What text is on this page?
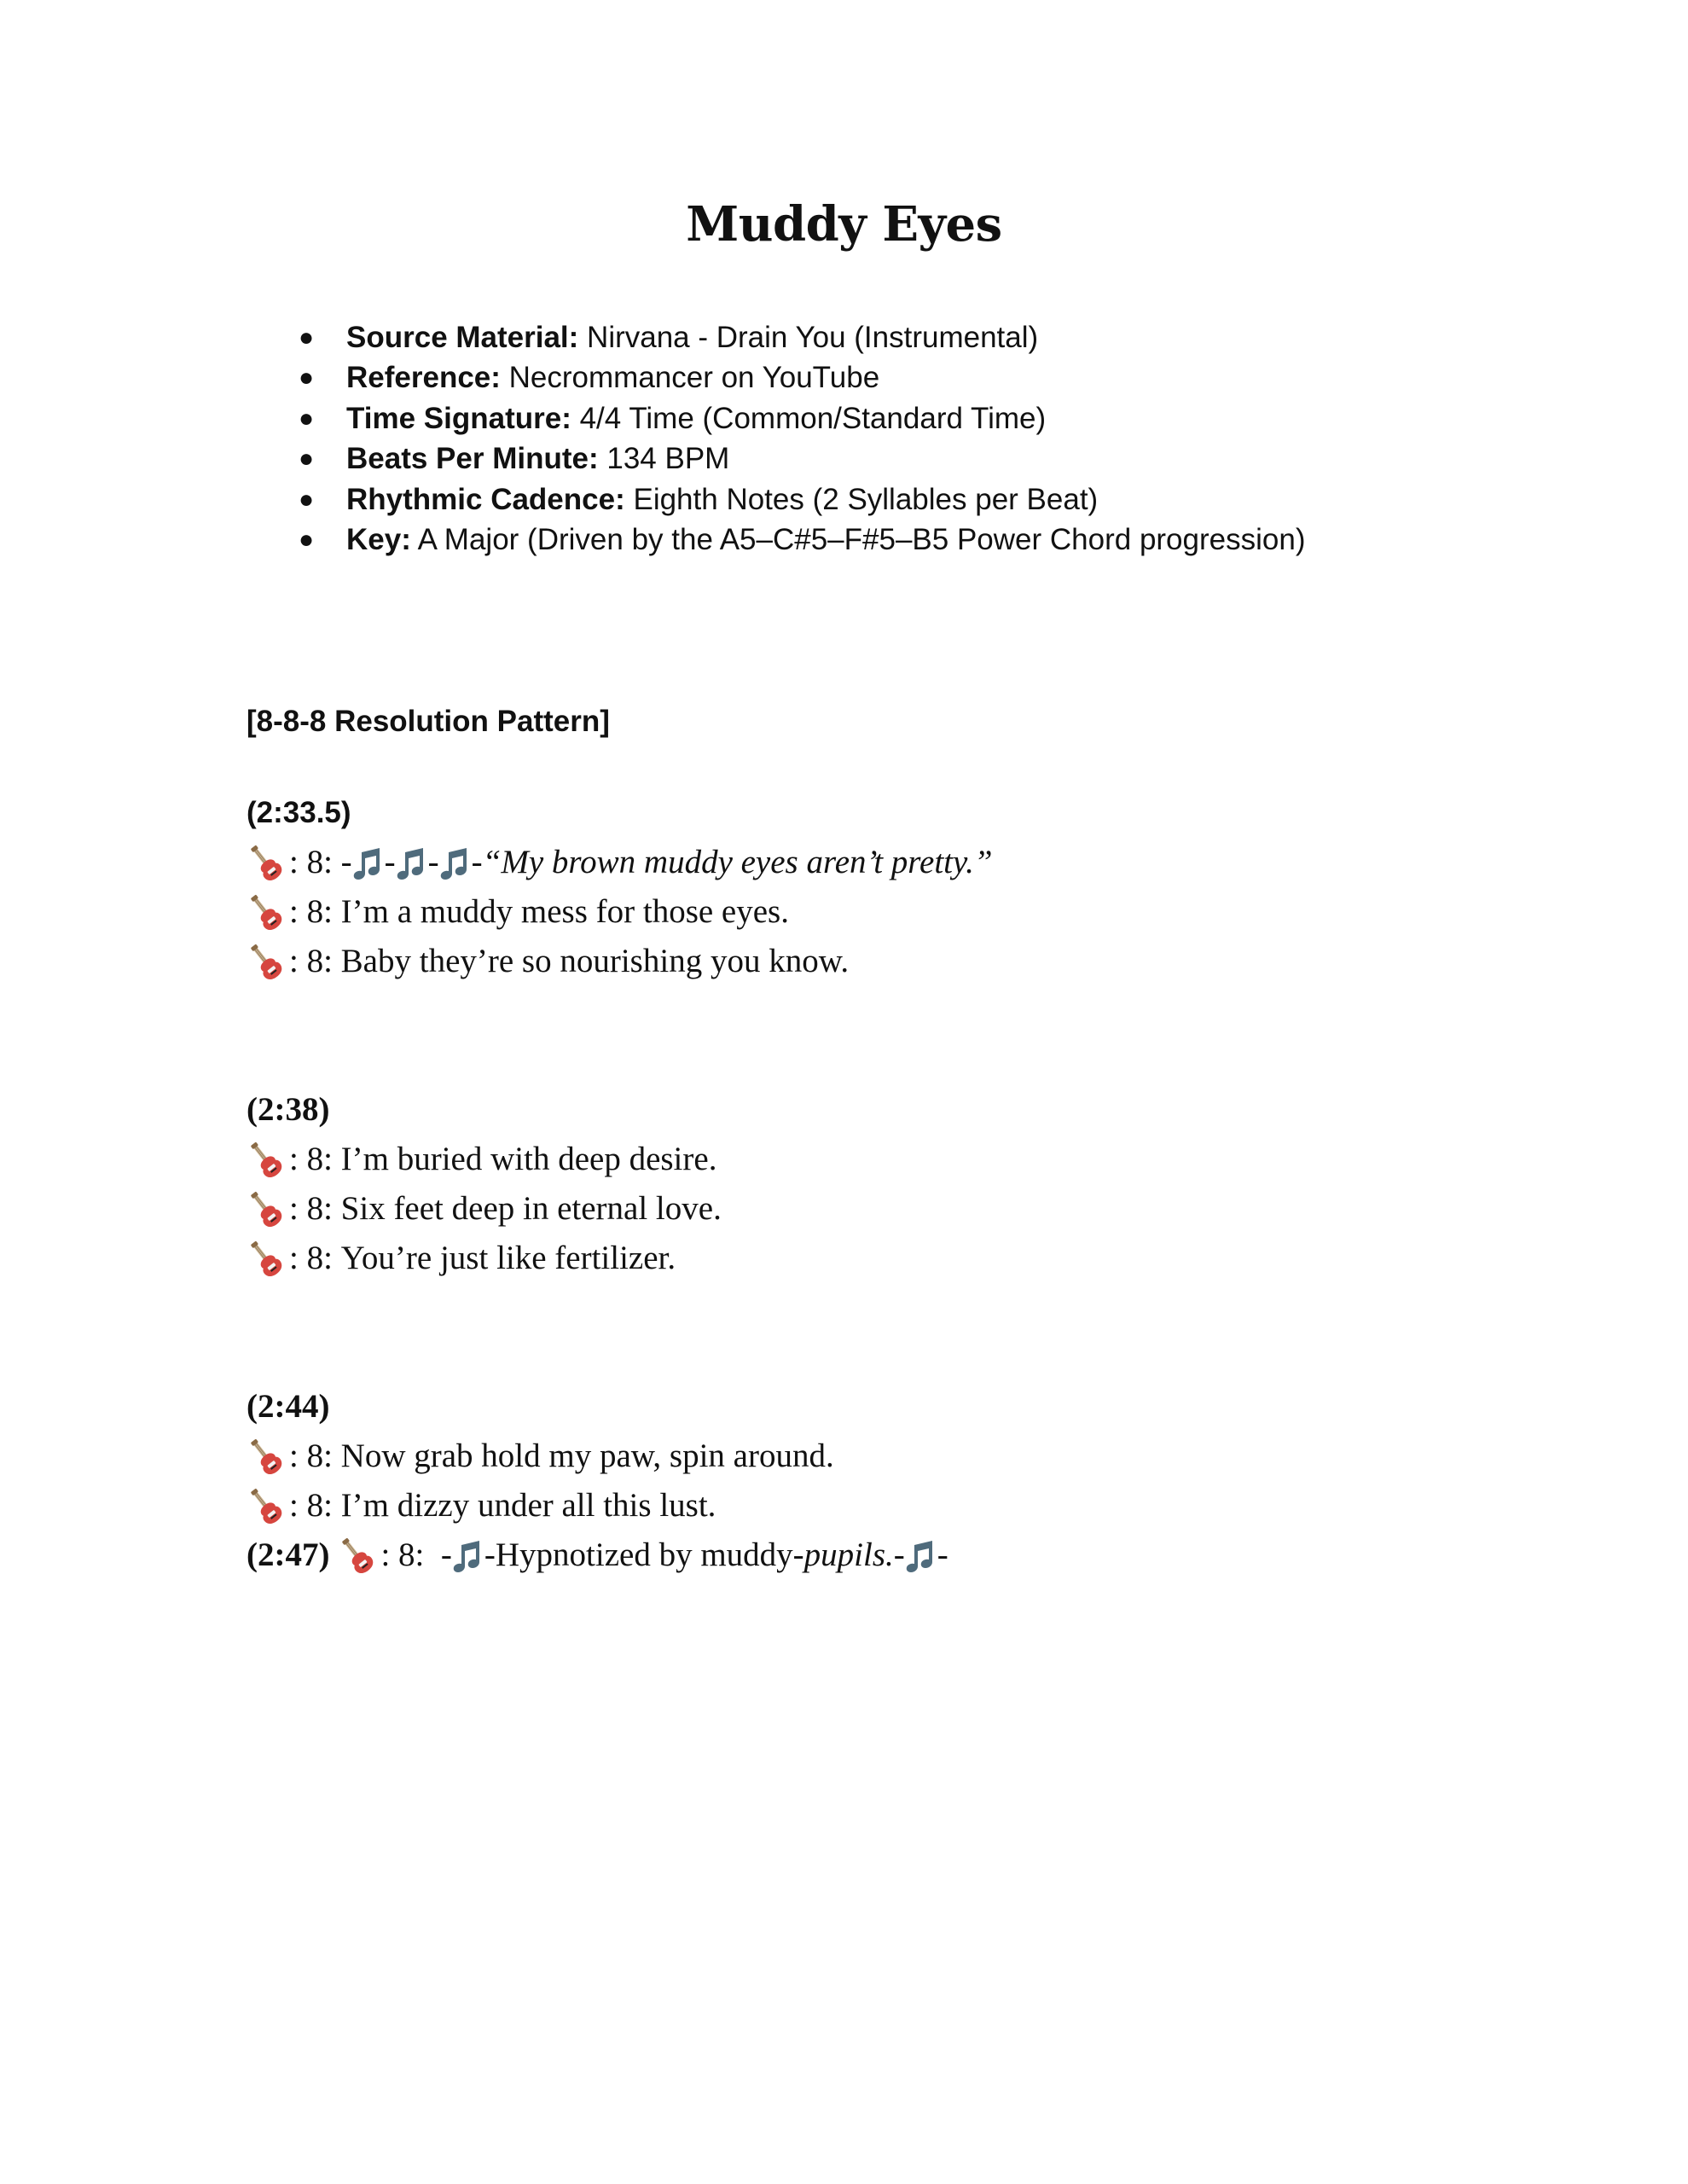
Muddy Eyes
● Source Material: Nirvana - Drain You (Instrumental)
● Reference: Necrommancer on YouTube
● Time Signature: 4/4 Time (Common/Standard Time)
● Beats Per Minute: 134 BPM
● Rhythmic Cadence: Eighth Notes (2 Syllables per Beat)
● Key: A Major (Driven by the A5–C#5–F#5–B5 Power Chord progression)
[8-8-8 Resolution Pattern]
(2:33.5)
: 8: - - - - “My brown muddy eyes aren’t pretty.”
: 8: I’m a muddy mess for those eyes.
: 8: Baby they’re so nourishing you know.
(2:38)
: 8: I’m buried with deep desire.
: 8: Six feet deep in eternal love.
: 8: You’re just like fertilizer.
(2:44)
: 8: Now grab hold my paw, spin around.
: 8: I’m dizzy under all this lust.
(2:47) : 8: - -Hypnotized by muddy- pupils. - -
